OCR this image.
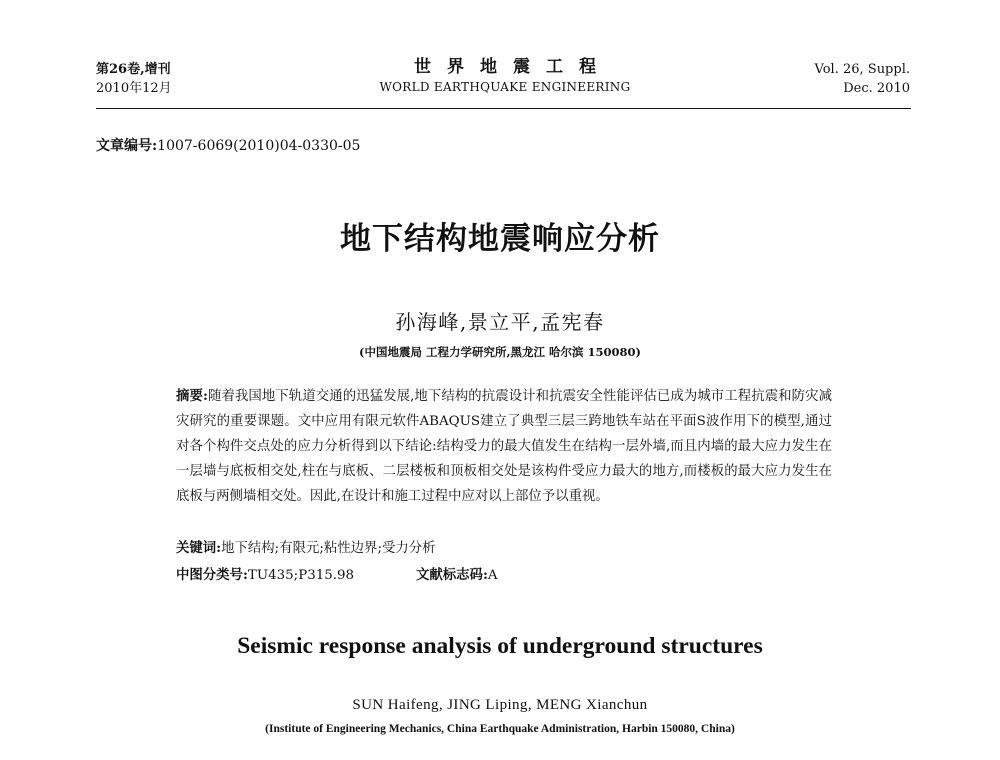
第26卷,增刊
2010年12月
世界地震工程
WORLD EARTHQUAKE ENGINEERING
Vol. 26, Suppl.
Dec. 2010
文章编号:1007-6069(2010)04-0330-05
地下结构地震响应分析
孙海峰,景立平,孟宪春
(中国地震局 工程力学研究所,黑龙江 哈尔滨 150080)
摘要:随着我国地下轨道交通的迅猛发展,地下结构的抗震设计和抗震安全性能评估已成为城市工程抗震和防灾减灾研究的重要课题。文中应用有限元软件ABAQUS建立了典型三层三跨地铁车站在平面S波作用下的模型,通过对各个构件交点处的应力分析得到以下结论:结构受力的最大值发生在结构一层外墙,而且内墙的最大应力发生在一层墙与底板相交处,柱在与底板、二层楼板和顶板相交处是该构件受应力最大的地方,而楼板的最大应力发生在底板与两侧墙相交处。因此,在设计和施工过程中应对以上部位予以重视。
关键词:地下结构;有限元;粘性边界;受力分析
中图分类号:TU435;P315.98	文献标志码:A
Seismic response analysis of underground structures
SUN Haifeng, JING Liping, MENG Xianchun
(Institute of Engineering Mechanics, China Earthquake Administration, Harbin 150080, China)
